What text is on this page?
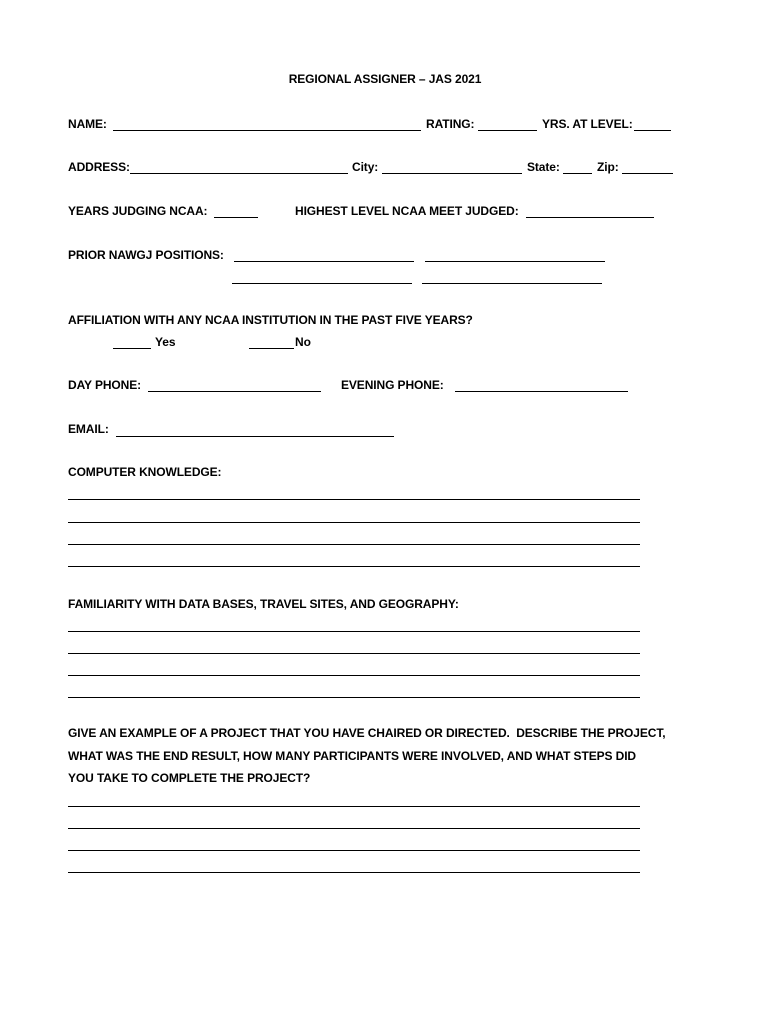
REGIONAL ASSIGNER – JAS 2021
NAME:	RATING:	YRS. AT LEVEL:
ADDRESS:	City:	State:	Zip:
YEARS JUDGING NCAA:	HIGHEST LEVEL NCAA MEET JUDGED:
PRIOR NAWGJ POSITIONS:
AFFILIATION WITH ANY NCAA INSTITUTION IN THE PAST FIVE YEARS?
Yes	No
DAY PHONE:	EVENING PHONE:
EMAIL:
COMPUTER KNOWLEDGE:
FAMILIARITY WITH DATA BASES, TRAVEL SITES, AND GEOGRAPHY:
GIVE AN EXAMPLE OF A PROJECT THAT YOU HAVE CHAIRED OR DIRECTED.  DESCRIBE THE PROJECT,
WHAT WAS THE END RESULT, HOW MANY PARTICIPANTS WERE INVOLVED, AND WHAT STEPS DID
YOU TAKE TO COMPLETE THE PROJECT?
